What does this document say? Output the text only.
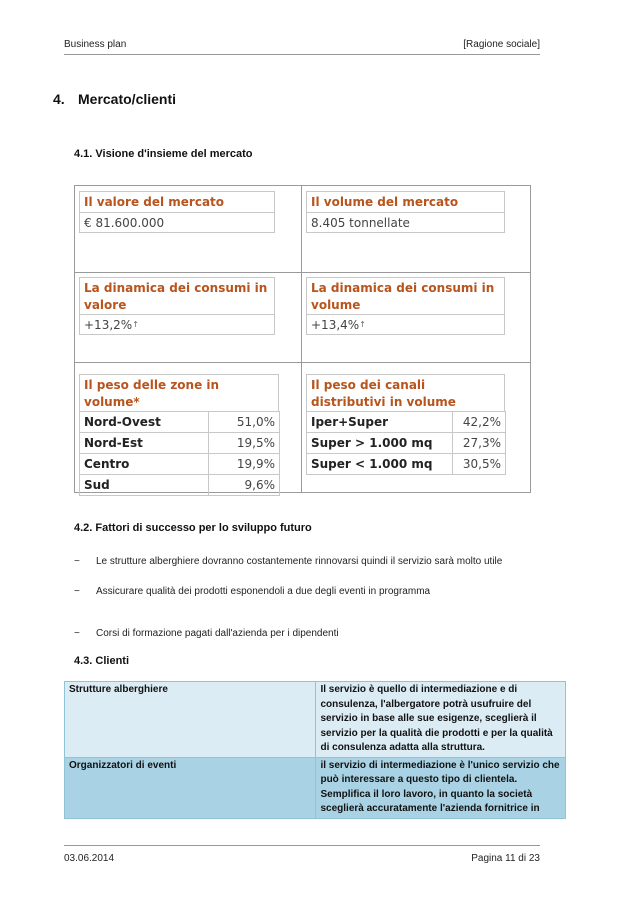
Business plan	[Ragione sociale]
4. Mercato/clienti
4.1. Visione d'insieme del mercato
Il valore del mercato
€ 81.600.000
Il volume del mercato
8.405 tonnellate
La dinamica dei consumi in valore
+13,2%↑
La dinamica dei consumi in volume
+13,4%↑
Il peso delle zone in volume*
Nord-Ovest	51,0%
Nord-Est	19,5%
Centro	19,9%
Sud	9,6%
Il peso dei canali distributivi in volume
Iper+Super	42,2%
Super > 1.000 mq	27,3%
Super < 1.000 mq	30,5%
4.2. Fattori di successo per lo sviluppo futuro
− Le strutture alberghiere dovranno costantemente rinnovarsi quindi il servizio sarà molto utile
− Assicurare qualità dei prodotti esponendoli a due degli eventi in programma
− Corsi di formazione pagati dall'azienda per i dipendenti
4.3. Clienti
Strutture alberghiere	Il servizio è quello di intermediazione e di consulenza, l'albergatore potrà usufruire del servizio in base alle sue esigenze, sceglierà il servizio per la qualità die prodotti e per la qualità di consulenza adatta alla struttura.
Organizzatori di eventi	il servizio di intermediazione è l'unico servizio che può interessare a questo tipo di clientela. Semplifica il loro lavoro, in quanto la società sceglierà accuratamente l'azienda fornitrice in
03.06.2014	Pagina 11 di 23
